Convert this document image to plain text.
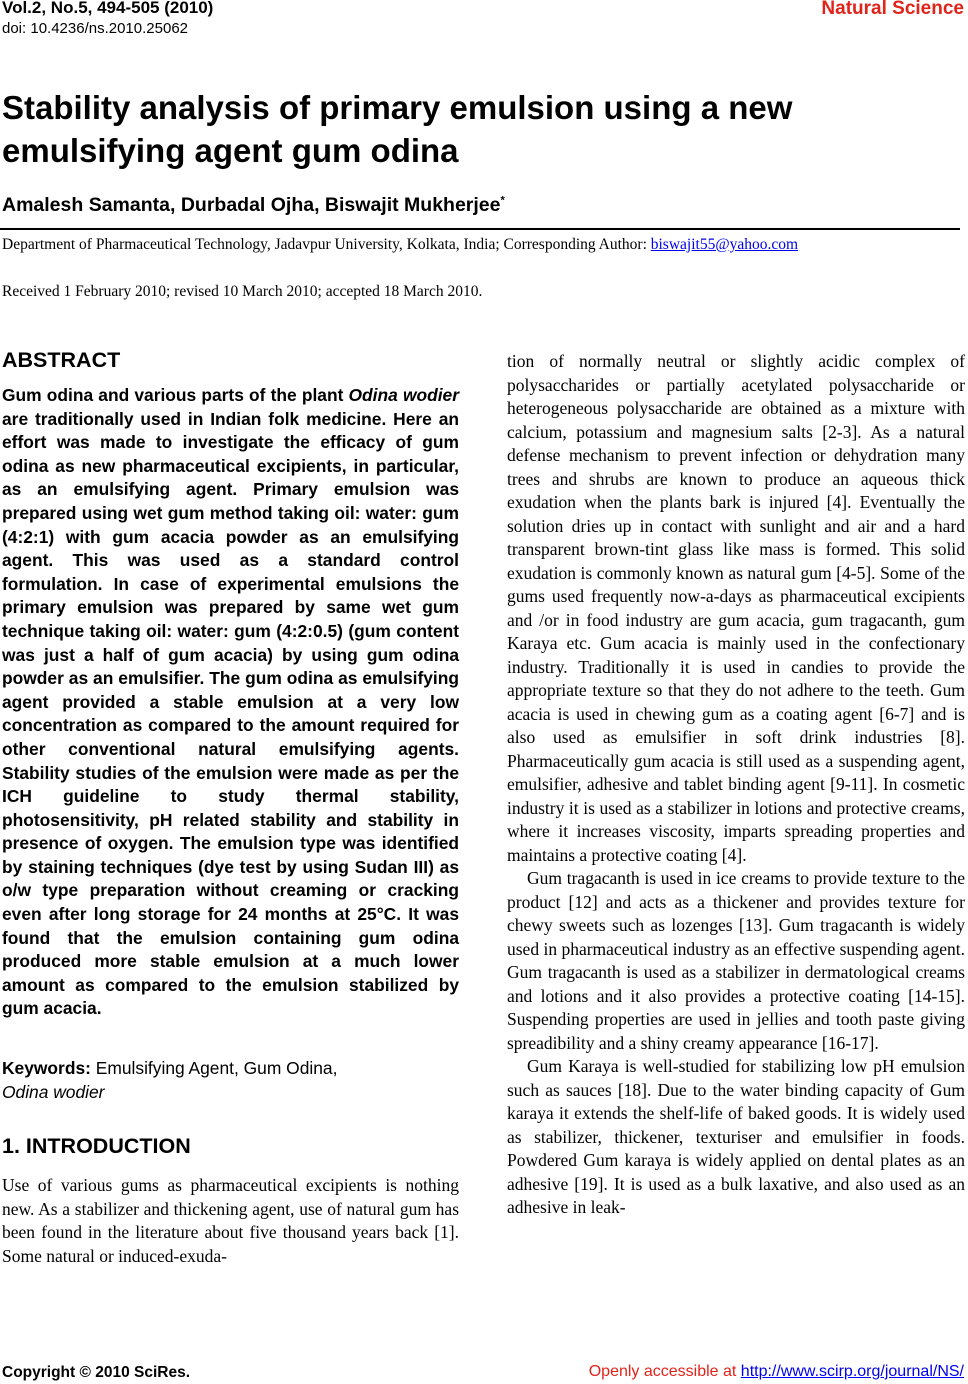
Vol.2, No.5, 494-505 (2010)
doi: 10.4236/ns.2010.25062
Natural Science
Stability analysis of primary emulsion using a new emulsifying agent gum odina
Amalesh Samanta, Durbadal Ojha, Biswajit Mukherjee*
Department of Pharmaceutical Technology, Jadavpur University, Kolkata, India; Corresponding Author: biswajit55@yahoo.com
Received 1 February 2010; revised 10 March 2010; accepted 18 March 2010.
ABSTRACT

Gum odina and various parts of the plant Odina wodier are traditionally used in Indian folk medicine. Here an effort was made to investigate the efficacy of gum odina as new pharmaceutical excipients, in particular, as an emulsifying agent. Primary emulsion was prepared using wet gum method taking oil: water: gum (4:2:1) with gum acacia powder as an emulsifying agent. This was used as a standard control formulation. In case of experimental emulsions the primary emulsion was prepared by same wet gum technique taking oil: water: gum (4:2:0.5) (gum content was just a half of gum acacia) by using gum odina powder as an emulsifier. The gum odina as emulsifying agent provided a stable emulsion at a very low concentration as compared to the amount required for other conventional natural emulsifying agents. Stability studies of the emulsion were made as per the ICH guideline to study thermal stability, photosensitivity, pH related stability and stability in presence of oxygen. The emulsion type was identified by staining techniques (dye test by using Sudan III) as o/w type preparation without creaming or cracking even after long storage for 24 months at 25°C. It was found that the emulsion containing gum odina produced more stable emulsion at a much lower amount as compared to the emulsion stabilized by gum acacia.

Keywords: Emulsifying Agent, Gum Odina,
Odina wodier

1. INTRODUCTION

Use of various gums as pharmaceutical excipients is nothing new. As a stabilizer and thickening agent, use of natural gum has been found in the literature about five thousand years back [1]. Some natural or induced-exuda-

tion of normally neutral or slightly acidic complex of polysaccharides or partially acetylated polysaccharide or heterogeneous polysaccharide are obtained as a mixture with calcium, potassium and magnesium salts [2-3]. As a natural defense mechanism to prevent infection or dehydration many trees and shrubs are known to produce an aqueous thick exudation when the plants bark is injured [4]. Eventually the solution dries up in contact with sunlight and air and a hard transparent brown-tint glass like mass is formed. This solid exudation is commonly known as natural gum [4-5]. Some of the gums used frequently now-a-days as pharmaceutical excipients and /or in food industry are gum acacia, gum tragacanth, gum Karaya etc. Gum acacia is mainly used in the confectionary industry. Traditionally it is used in candies to provide the appropriate texture so that they do not adhere to the teeth. Gum acacia is used in chewing gum as a coating agent [6-7] and is also used as emulsifier in soft drink industries [8]. Pharmaceutically gum acacia is still used as a suspending agent, emulsifier, adhesive and tablet binding agent [9-11]. In cosmetic industry it is used as a stabilizer in lotions and protective creams, where it increases viscosity, imparts spreading properties and maintains a protective coating [4].

Gum tragacanth is used in ice creams to provide texture to the product [12] and acts as a thickener and provides texture for chewy sweets such as lozenges [13]. Gum tragacanth is widely used in pharmaceutical industry as an effective suspending agent. Gum tragacanth is used as a stabilizer in dermatological creams and lotions and it also provides a protective coating [14-15]. Suspending properties are used in jellies and tooth paste giving spreadibility and a shiny creamy appearance [16-17].

Gum Karaya is well-studied for stabilizing low pH emulsion such as sauces [18]. Due to the water binding capacity of Gum karaya it extends the shelf-life of baked goods. It is widely used as stabilizer, thickener, texturiser and emulsifier in foods. Powdered Gum karaya is widely applied on dental plates as an adhesive [19]. It is used as a bulk laxative, and also used as an adhesive in leak-

Copyright © 2010 SciRes.	Openly accessible at http://www.scirp.org/journal/NS/
